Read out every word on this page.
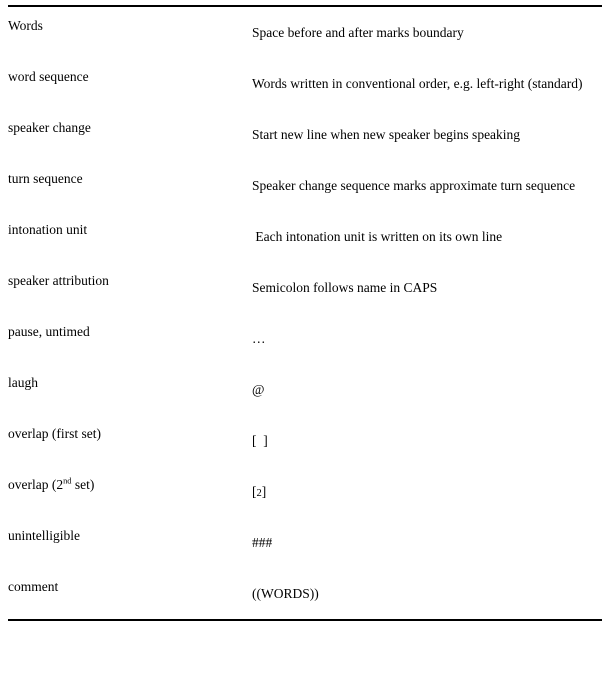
Words	Space before and after marks boundary

word sequence	Words written in conventional order, e.g. left-right (standard)

speaker change	Start new line when new speaker begins speaking

turn sequence	Speaker change sequence marks approximate turn sequence

intonation unit	Each intonation unit is written on its own line

speaker attribution	Semicolon follows name in CAPS

pause, untimed	…

laugh	@

overlap (first set)	[  ]

overlap (2nd set)	[2]

unintelligible	###

comment	((WORDS))
